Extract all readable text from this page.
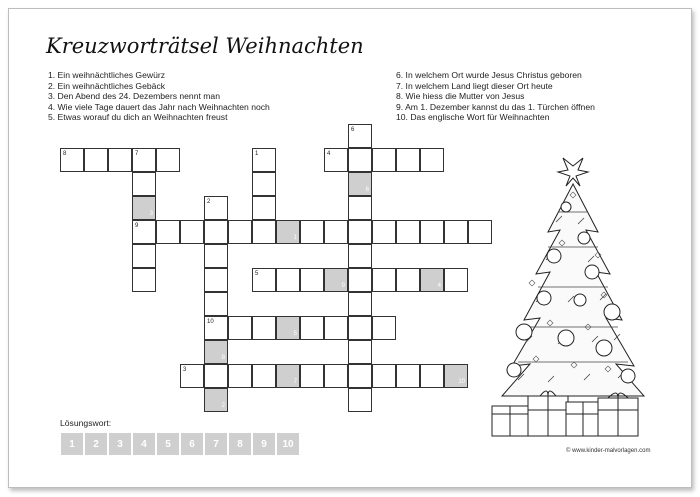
Kreuzworträtsel Weihnachten
1. Ein weihnächtliches Gewürz
2. Ein weihnächtliches Gebäck
3. Den Abend des 24. Dezembers nennt man
4. Wie viele Tage dauert das Jahr nach Weihnachten noch
5. Etwas worauf du dich an Weihnachten freust
6. In welchem Ort wurde Jesus Christus geboren
7. In welchem Land liegt dieser Ort heute
8. Wie hiess die Mutter von Jesus
9. Am 1. Dezember kannst du das 1. Türchen öffnen
10. Das englische Wort für Weihnachten
8	7
3
9
1	4
6
6
2
10
8
2
1
5
9	4
5
3
7	10
Lösungswort:
1	2	3	4	5	6	7	8	9	10
© www.kinder-malvorlagen.com
